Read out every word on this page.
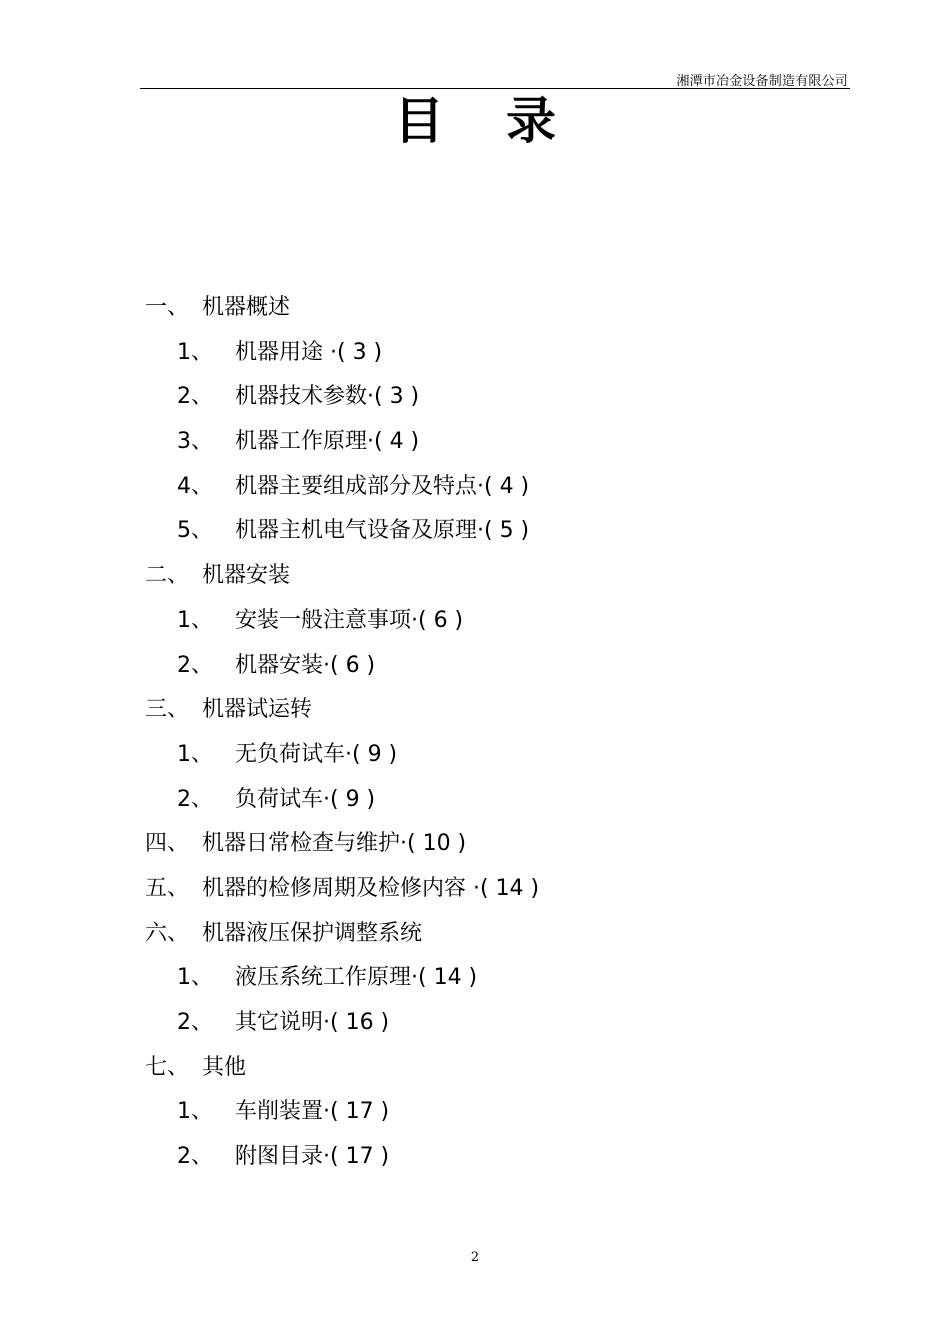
湘潭市冶金设备制造有限公司
目录
一、 机器概述
1、 机器用途 ·( 3 )
2、 机器技术参数·( 3 )
3、 机器工作原理·( 4 )
4、 机器主要组成部分及特点·( 4 )
5、 机器主机电气设备及原理·( 5 )
二、 机器安装
1、 安装一般注意事项·( 6 )
2、 机器安装·( 6 )
三、 机器试运转
1、 无负荷试车·( 9 )
2、 负荷试车·( 9 )
四、 机器日常检查与维护·( 10 )
五、 机器的检修周期及检修内容 ·( 14 )
六、 机器液压保护调整系统
1、 液压系统工作原理·( 14 )
2、 其它说明·( 16 )
七、 其他
1、 车削装置·( 17 )
2、 附图目录·( 17 )
2
